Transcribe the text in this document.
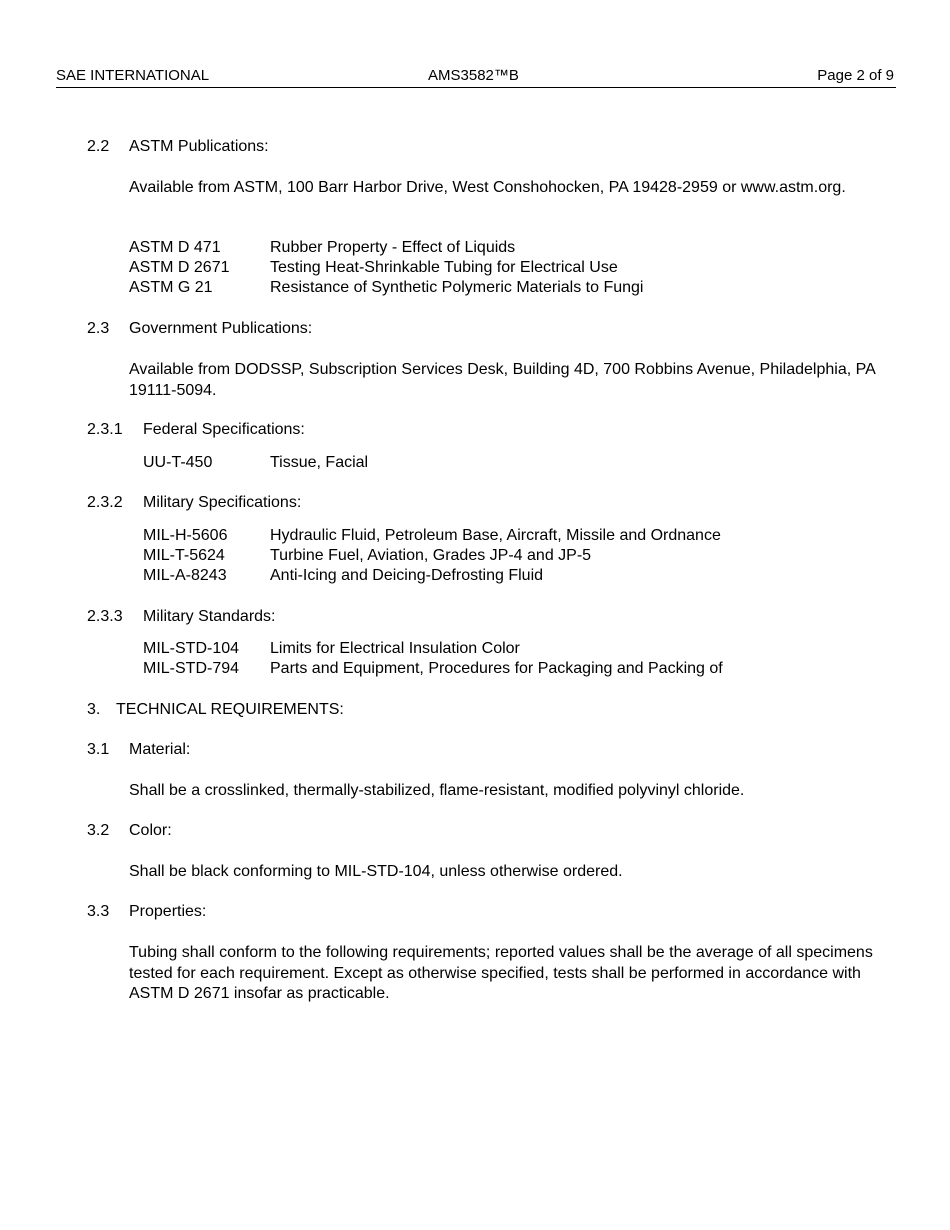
SAE INTERNATIONAL	AMS3582™B	Page 2 of 9
2.2 ASTM Publications:
Available from ASTM, 100 Barr Harbor Drive, West Conshohocken, PA 19428-2959 or www.astm.org.
ASTM D 471	Rubber Property - Effect of Liquids
ASTM D 2671	Testing Heat-Shrinkable Tubing for Electrical Use
ASTM G 21	Resistance of Synthetic Polymeric Materials to Fungi
2.3 Government Publications:
Available from DODSSP, Subscription Services Desk, Building 4D, 700 Robbins Avenue, Philadelphia, PA 19111-5094.
2.3.1 Federal Specifications:
UU-T-450	Tissue, Facial
2.3.2 Military Specifications:
MIL-H-5606	Hydraulic Fluid, Petroleum Base, Aircraft, Missile and Ordnance
MIL-T-5624	Turbine Fuel, Aviation, Grades JP-4 and JP-5
MIL-A-8243	Anti-Icing and Deicing-Defrosting Fluid
2.3.3 Military Standards:
MIL-STD-104 Limits for Electrical Insulation Color
MIL-STD-794 Parts and Equipment, Procedures for Packaging and Packing of
3. TECHNICAL REQUIREMENTS:
3.1 Material:
Shall be a crosslinked, thermally-stabilized, flame-resistant, modified polyvinyl chloride.
3.2 Color:
Shall be black conforming to MIL-STD-104, unless otherwise ordered.
3.3 Properties:
Tubing shall conform to the following requirements; reported values shall be the average of all specimens tested for each requirement. Except as otherwise specified, tests shall be performed in accordance with ASTM D 2671 insofar as practicable.
